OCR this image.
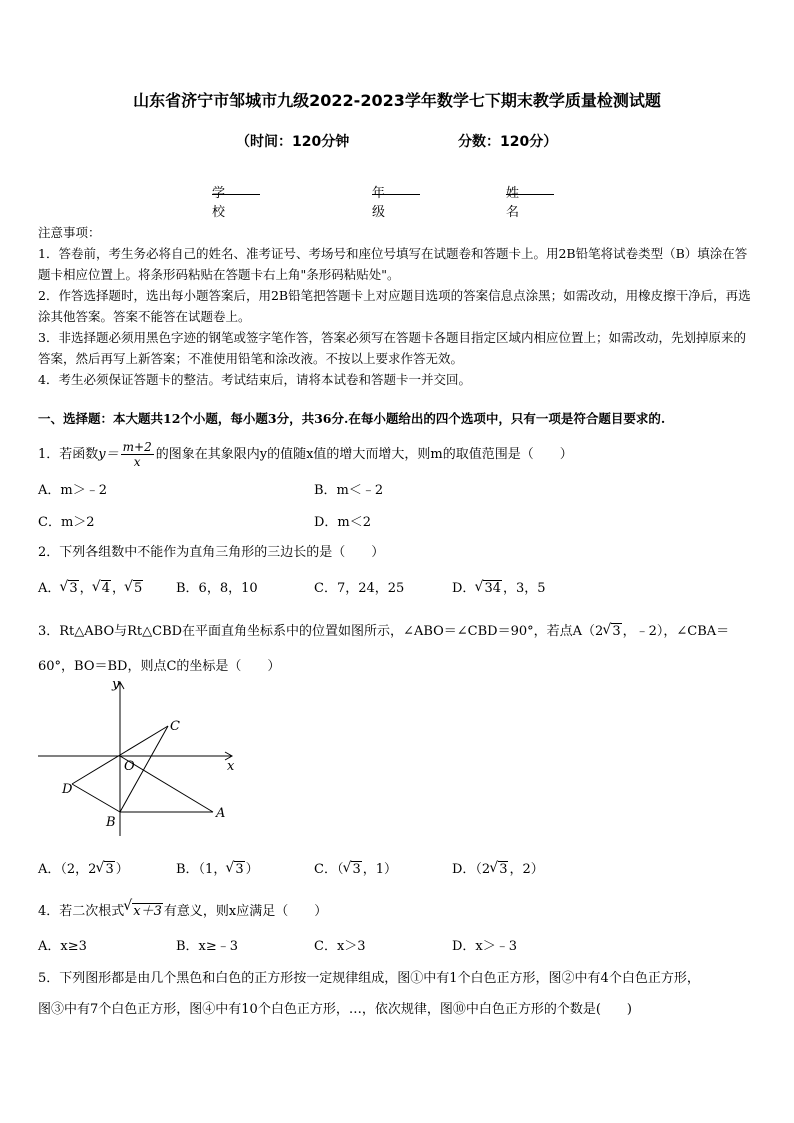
山东省济宁市邹城市九级2022-2023学年数学七下期末教学质量检测试题
（时间：120分钟	分数：120分）
学校
年级
姓名
注意事项：
1．答卷前，考生务必将自己的姓名、准考证号、考场号和座位号填写在试题卷和答题卡上。用2B铅笔将试卷类型（B）填涂在答题卡相应位置上。将条形码粘贴在答题卡右上角"条形码粘贴处"。
2．作答选择题时，选出每小题答案后，用2B铅笔把答题卡上对应题目选项的答案信息点涂黑；如需改动，用橡皮擦干净后，再选涂其他答案。答案不能答在试题卷上。
3．非选择题必须用黑色字迹的钢笔或签字笔作答，答案必须写在答题卡各题目指定区域内相应位置上；如需改动，先划掉原来的答案，然后再写上新答案；不准使用铅笔和涂改液。不按以上要求作答无效。
4．考生必须保证答题卡的整洁。考试结束后，请将本试卷和答题卡一并交回。
一、选择题：本大题共12个小题，每小题3分，共36分.在每小题给出的四个选项中，只有一项是符合题目要求的.
1．若函数$y= \frac{m+2}{x}$ 的图象在其象限内y的值随x值的增大而增大，则m的取值范围是（　　）
A．m＞﹣2	B．m＜﹣2
C．m＞2	D．m＜2
2．下列各组数中不能作为直角三角形的三边长的是（　　）
A． √ 3 ， √ 4 ， √ 5	B．6，8，10	C．7，24，25	D． √ 34 ，3，5
3．Rt△ABO与Rt△CBD在平面直角坐标系中的位置如图所示，∠ABO＝∠CBD＝90°，若点A（2 √ 3 ，﹣2），∠CBA＝
60°，BO＝BD，则点C的坐标是（　　）
y
x
O
C
D
B
A
A．（2，2 √ 3 ）	B．（1， √ 3 ）	C．（ √ 3 ，1）	D．（2 √ 3 ，2）
4．若二次根式 √ x＋3 有意义，则x应满足（　　）
A．x≥3	B．x≥﹣3	C．x＞3	D．x＞﹣3
5．下列图形都是由几个黑色和白色的正方形按一定规律组成，图①中有1个白色正方形，图②中有4个白色正方形，
图③中有7个白色正方形，图④中有10个白色正方形，…，依次规律，图⑩中白色正方形的个数是(　　)
